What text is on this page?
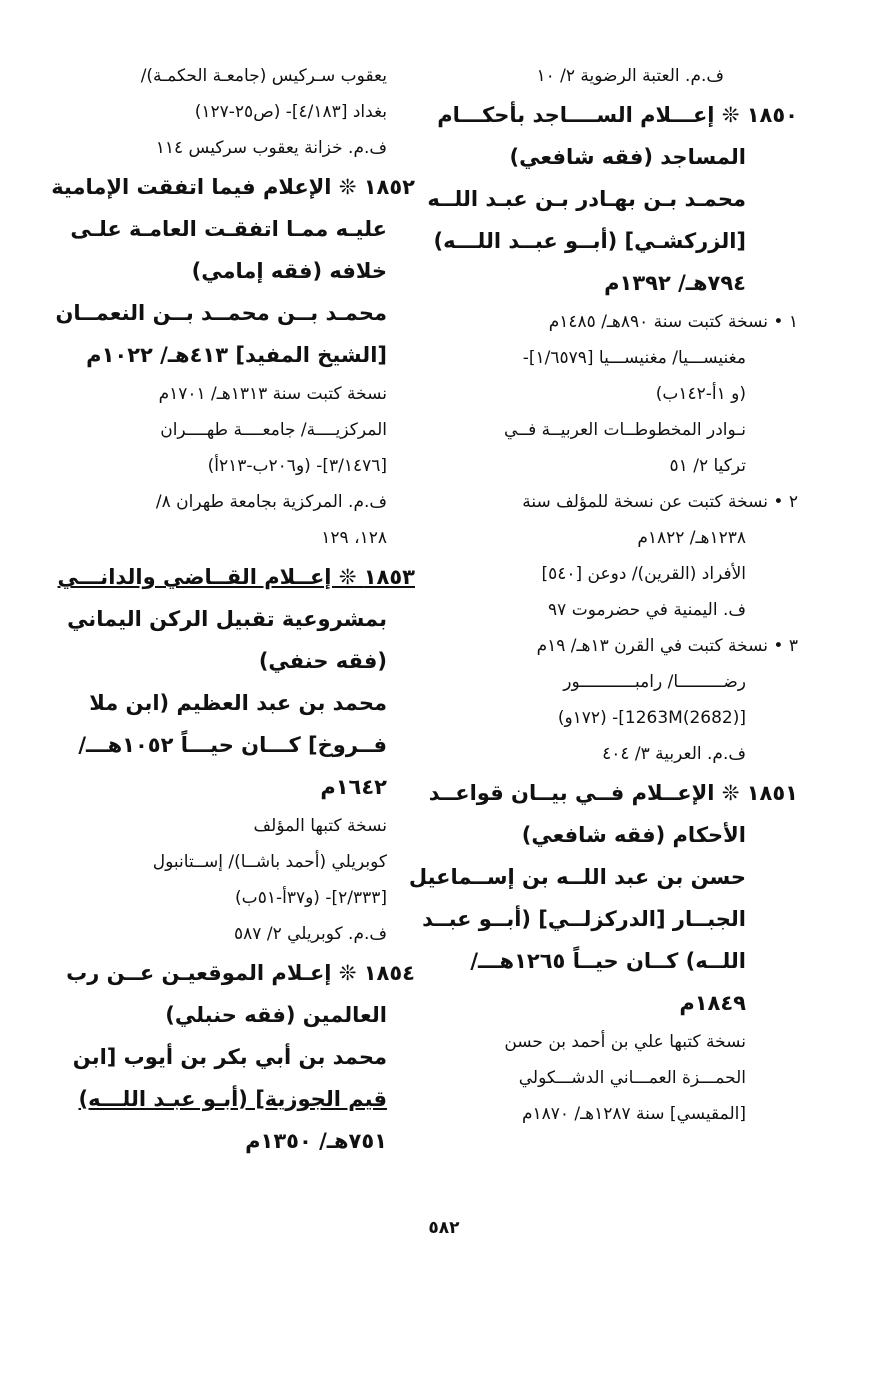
ف.م. العتبة الرضوية ٢/ ١٠
١٨٥٠ ❊ إعـــلام الســــاجد بأحكـــام
المساجد (فقه شافعي)
محمـد بـن بهـادر بـن عبـد اللــه
[الزركشـي] (أبــو عبــد اللـــه)
٧٩٤هـ/ ١٣٩٢م
١ • نسخة كتبت سنة ٨٩٠هـ/ ١٤٨٥م
مغنيســـيا/ مغنيســـيا [١/٦٥٧٩]-
(و ١أ-١٤٢ب)
نـوادر المخطوطــات العربيــة فــي
تركيا ٢/ ٥١
٢ • نسخة كتبت عن نسخة للمؤلف سنة
١٢٣٨هـ/ ١٨٢٢م
الأفراد (القرين)/ دوعن [٥٤٠]
ف. اليمنية في حضرموت ٩٧
٣ • نسخة كتبت في القرن ١٣هـ/ ١٩م
رضـــــــــا/ رامبـــــــــــور
[(2682)1263M]- (١٧٢و)
ف.م. العربية ٣/ ٤٠٤
١٨٥١ ❊ الإعــلام فــي بيــان قواعــد
الأحكام (فقه شافعي)
حسن بن عبد اللــه بن إســماعيل
الجبــار [الدركزلــي] (أبــو عبــد
اللــه) كــان حيــاً ١٢٦٥هـــ/
١٨٤٩م
نسخة كتبها علي بن أحمد بن حسن
الحمـــزة العمـــاني الدشـــكولي
[المقيسي] سنة ١٢٨٧هـ/ ١٨٧٠م
يعقوب سـركيس (جامعـة الحكمـة)/
بغداد [٤/١٨٣]- (ص٢٥-١٢٧)
ف.م. خزانة يعقوب سركيس ١١٤
١٨٥٢ ❊ الإعلام فيما اتفقت الإمامية
عليـه ممـا اتفقـت العامـة علـى
خلافه (فقه إمامي)
محمـد بــن محمــد بــن النعمــان
[الشيخ المفيد] ٤١٣هـ/ ١٠٢٢م
نسخة كتبت سنة ١٣١٣هـ/ ١٧٠١م
المركزيــــة/ جامعــــة طهــــران
[٣/١٤٧٦]- (و٢٠٦ب-٢١٣أ)
ف.م. المركزية بجامعة طهران ٨/
١٢٨، ١٢٩
١٨٥٣ ❊ إعــلام القــاضي والدانـــي
بمشروعية تقبيل الركن اليماني
(فقه حنفي)
محمد بن عبد العظيم (ابن ملا
فــروخ] كـــان حيـــاً ١٠٥٢هـــ/
١٦٤٢م
نسخة كتبها المؤلف
كوبريلي (أحمد باشــا)/ إســتانبول
[٢/٣٣٣]- (و٣٧أ-٥١ب)
ف.م. كوبريلي ٢/ ٥٨٧
١٨٥٤ ❊ إعـلام الموقعيـن عــن رب
العالمين (فقه حنبلي)
محمد بن أبي بكر بن أيوب [ابن
قيم الجوزية] (أبـو عبـد اللـــه)
٧٥١هـ/ ١٣٥٠م
٥٨٢
